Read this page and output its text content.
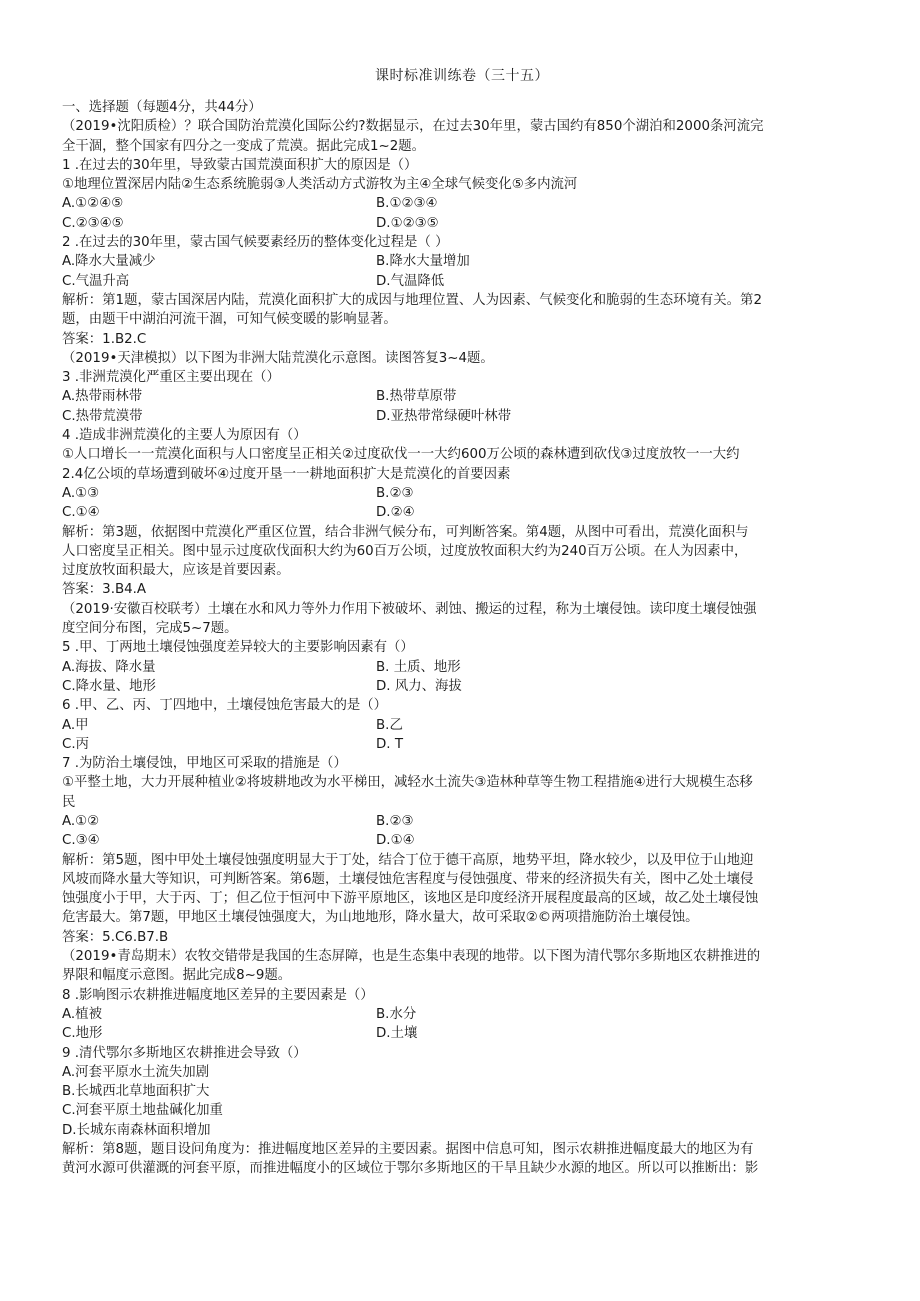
课时标准训练卷（三十五）
一、选择题（每题4分，共44分）
（2019•沈阳质检）？联合国防治荒漠化国际公约?数据显示，在过去30年里，蒙古国约有850个湖泊和2000条河流完
全干涸，整个国家有四分之一变成了荒漠。据此完成1~2题。
1 .在过去的30年里，导致蒙古国荒漠面积扩大的原因是（）
①地理位置深居内陆②生态系统脆弱③人类活动方式游牧为主④全球气候变化⑤多内流河
A.①②④⑤	B.①②③④
C.②③④⑤	D.①②③⑤
2 .在过去的30年里，蒙古国气候要素经历的整体变化过程是（ ）
A.降水大量减少	B.降水大量增加
C.气温升高	D.气温降低
解析：第1题，蒙古国深居内陆，荒漠化面积扩大的成因与地理位置、人为因素、气候变化和脆弱的生态环境有关。第2
题，由题干中湖泊河流干涸，可知气候变暖的影响显著。
答案：1.B2.C
（2019•天津模拟）以下图为非洲大陆荒漠化示意图。读图答复3~4题。
3 .非洲荒漠化严重区主要出现在（）
A.热带雨林带	B.热带草原带
C.热带荒漠带	D.亚热带常绿硬叶林带
4 .造成非洲荒漠化的主要人为原因有（）
①人口增长一一荒漠化面积与人口密度呈正相关②过度砍伐一一大约600万公顷的森林遭到砍伐③过度放牧一一大约
2.4亿公顷的草场遭到破坏④过度开垦一一耕地面积扩大是荒漠化的首要因素
A.①③	B.②③
C.①④	D.②④
解析：第3题，依据图中荒漠化严重区位置，结合非洲气候分布，可判断答案。第4题，从图中可看出，荒漠化面积与
人口密度呈正相关。图中显示过度砍伐面积大约为60百万公顷，过度放牧面积大约为240百万公顷。在人为因素中，
过度放牧面积最大，应该是首要因素。
答案：3.B4.A
（2019·安徽百校联考）土壤在水和风力等外力作用下被破坏、剥蚀、搬运的过程，称为土壤侵蚀。读印度土壤侵蚀强
度空间分布图，完成5~7题。
5 .甲、丁两地土壤侵蚀强度差异较大的主要影响因素有（）
A.海拔、降水量	B. 土质、地形
C.降水量、地形	D. 风力、海拔
6 .甲、乙、丙、丁四地中，土壤侵蚀危害最大的是（）
A.甲	B.乙
C.丙	D. T
7 .为防治土壤侵蚀，甲地区可采取的措施是（）
①平整土地，大力开展种植业②将坡耕地改为水平梯田，减轻水土流失③造林种草等生物工程措施④进行大规模生态移
民
A.①②	B.②③
C.③④	D.①④
解析：第5题，图中甲处土壤侵蚀强度明显大于丁处，结合丁位于德干高原，地势平坦，降水较少，以及甲位于山地迎
风坡而降水量大等知识，可判断答案。第6题，土壤侵蚀危害程度与侵蚀强度、带来的经济损失有关，图中乙处土壤侵
蚀强度小于甲，大于丙、丁；但乙位于恒河中下游平原地区，该地区是印度经济开展程度最高的区域，故乙处土壤侵蚀
危害最大。第7题，甲地区土壤侵蚀强度大，为山地地形，降水量大，故可采取②©两项措施防治土壤侵蚀。
答案：5.C6.B7.B
（2019•青岛期末）农牧交错带是我国的生态屏障，也是生态集中表现的地带。以下图为清代鄂尔多斯地区农耕推进的
界限和幅度示意图。据此完成8~9题。
8 .影响图示农耕推进幅度地区差异的主要因素是（）
A.植被	B.水分
C.地形	D.土壤
9 .清代鄂尔多斯地区农耕推进会导致（）
A.河套平原水土流失加剧
B.长城西北草地面积扩大
C.河套平原土地盐碱化加重
D.长城东南森林面积增加
解析：第8题，题目设问角度为：推进幅度地区差异的主要因素。据图中信息可知，图示农耕推进幅度最大的地区为有
黄河水源可供灌溉的河套平原，而推进幅度小的区域位于鄂尔多斯地区的干旱且缺少水源的地区。所以可以推断出：影
